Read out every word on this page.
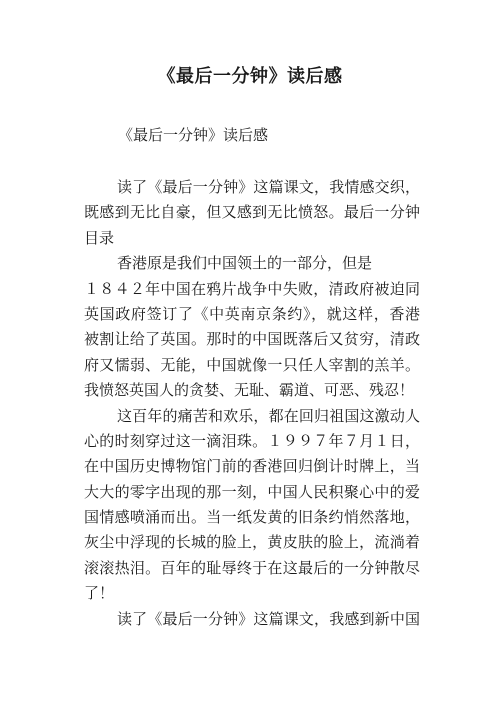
《最后一分钟》读后感
《最后一分钟》读后感
读了《最后一分钟》这篇课文，我情感交织，
既感到无比自豪，但又感到无比愤怒。最后一分钟
目录
香港原是我们中国领土的一部分，但是
１８４２年中国在鸦片战争中失败，清政府被迫同
英国政府签订了《中英南京条约》，就这样，香港
被割让给了英国。那时的中国既落后又贫穷，清政
府又懦弱、无能，中国就像一只任人宰割的羔羊。
我愤怒英国人的贪婪、无耻、霸道、可恶、残忍！
这百年的痛苦和欢乐，都在回归祖国这激动人
心的时刻穿过这一滴泪珠。１９９７年７月１日，
在中国历史博物馆门前的香港回归倒计时牌上，当
大大的零字出现的那一刻，中国人民积聚心中的爱
国情感喷涌而出。当一纸发黄的旧条约悄然落地，
灰尘中浮现的长城的脸上，黄皮肤的脸上，流淌着
滚滚热泪。百年的耻辱终于在这最后的一分钟散尽
了！
读了《最后一分钟》这篇课文，我感到新中国
